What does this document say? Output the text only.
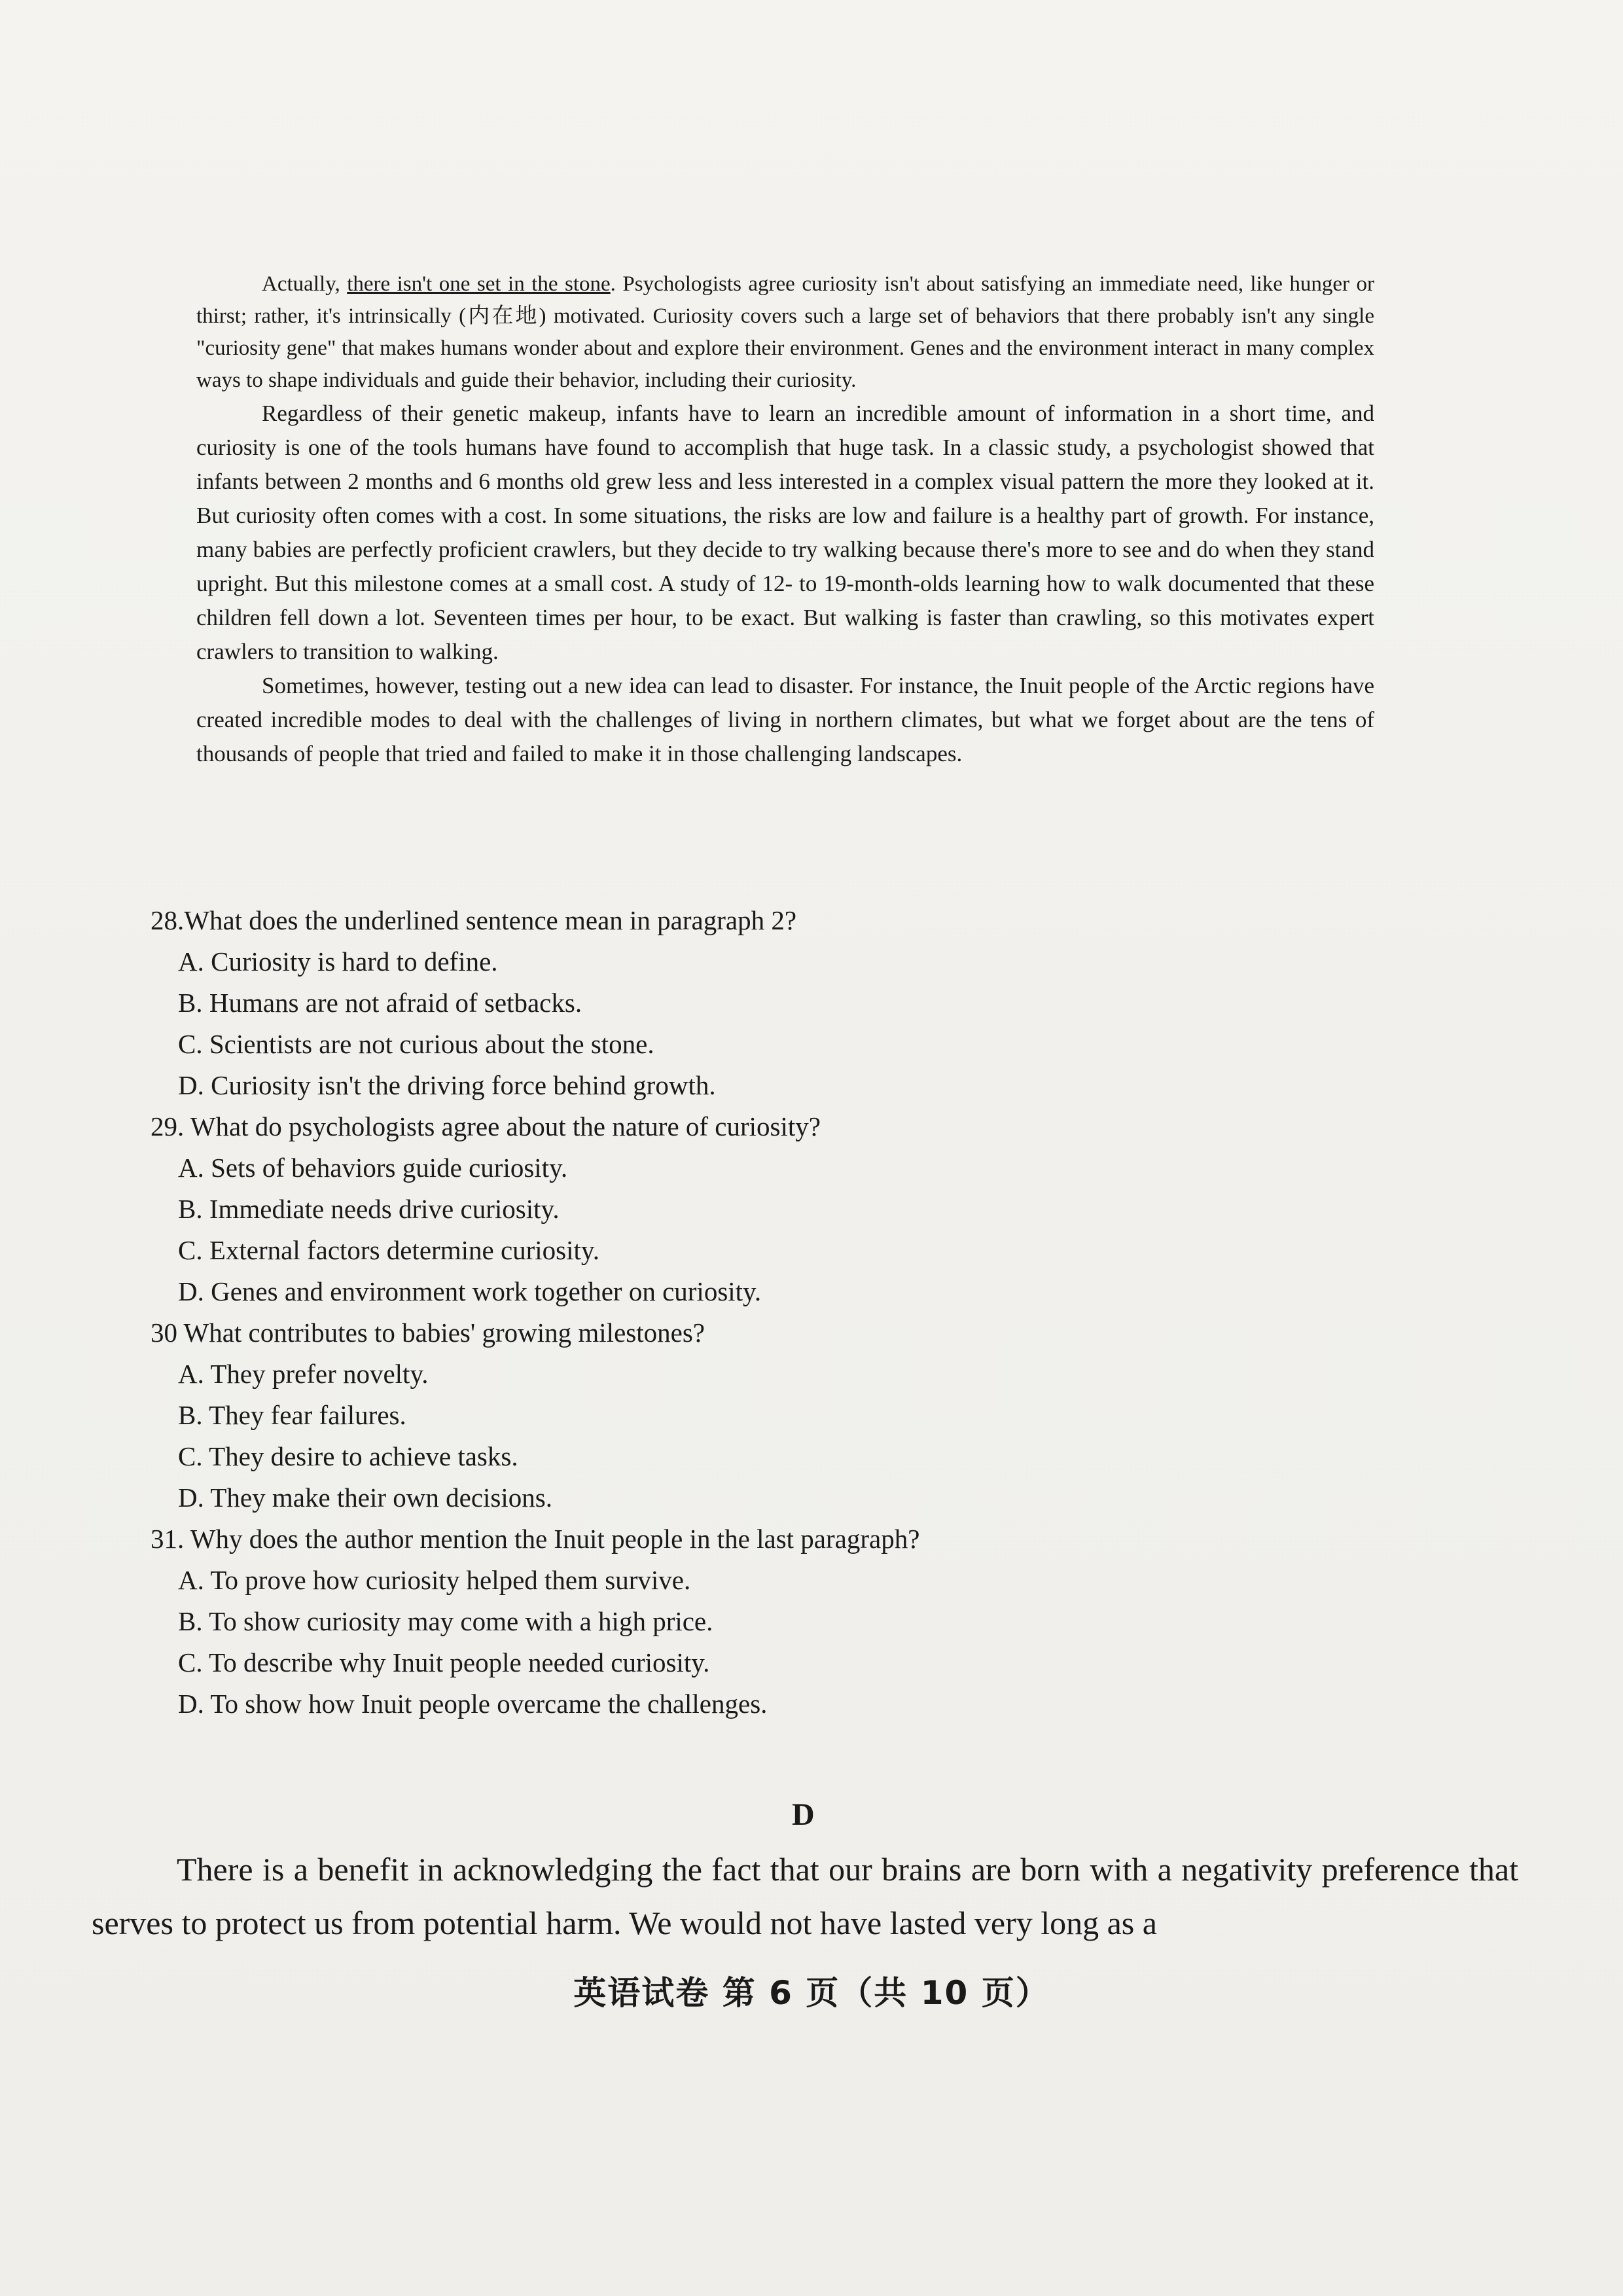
Actually, there isn't one set in the stone. Psychologists agree curiosity isn't about satisfying an immediate need, like hunger or thirst; rather, it's intrinsically (内在地) motivated. Curiosity covers such a large set of behaviors that there probably isn't any single "curiosity gene" that makes humans wonder about and explore their environment. Genes and the environment interact in many complex ways to shape individuals and guide their behavior, including their curiosity.

Regardless of their genetic makeup, infants have to learn an incredible amount of information in a short time, and curiosity is one of the tools humans have found to accomplish that huge task. In a classic study, a psychologist showed that infants between 2 months and 6 months old grew less and less interested in a complex visual pattern the more they looked at it. But curiosity often comes with a cost. In some situations, the risks are low and failure is a healthy part of growth. For instance, many babies are perfectly proficient crawlers, but they decide to try walking because there's more to see and do when they stand upright. But this milestone comes at a small cost. A study of 12- to 19-month-olds learning how to walk documented that these children fell down a lot. Seventeen times per hour, to be exact. But walking is faster than crawling, so this motivates expert crawlers to transition to walking.

Sometimes, however, testing out a new idea can lead to disaster. For instance, the Inuit people of the Arctic regions have created incredible modes to deal with the challenges of living in northern climates, but what we forget about are the tens of thousands of people that tried and failed to make it in those challenging landscapes.

28.What does the underlined sentence mean in paragraph 2?
A. Curiosity is hard to define.
B. Humans are not afraid of setbacks.
C. Scientists are not curious about the stone.
D. Curiosity isn't the driving force behind growth.
29. What do psychologists agree about the nature of curiosity?
A. Sets of behaviors guide curiosity.
B. Immediate needs drive curiosity.
C. External factors determine curiosity.
D. Genes and environment work together on curiosity.
30 What contributes to babies' growing milestones?
A. They prefer novelty.
B. They fear failures.
C. They desire to achieve tasks.
D. They make their own decisions.
31. Why does the author mention the Inuit people in the last paragraph?
A. To prove how curiosity helped them survive.
B. To show curiosity may come with a high price.
C. To describe why Inuit people needed curiosity.
D. To show how Inuit people overcame the challenges.
D

There is a benefit in acknowledging the fact that our brains are born with a negativity preference that serves to protect us from potential harm. We would not have lasted very long as a

英语试卷 第 6 页（共 10 页）
